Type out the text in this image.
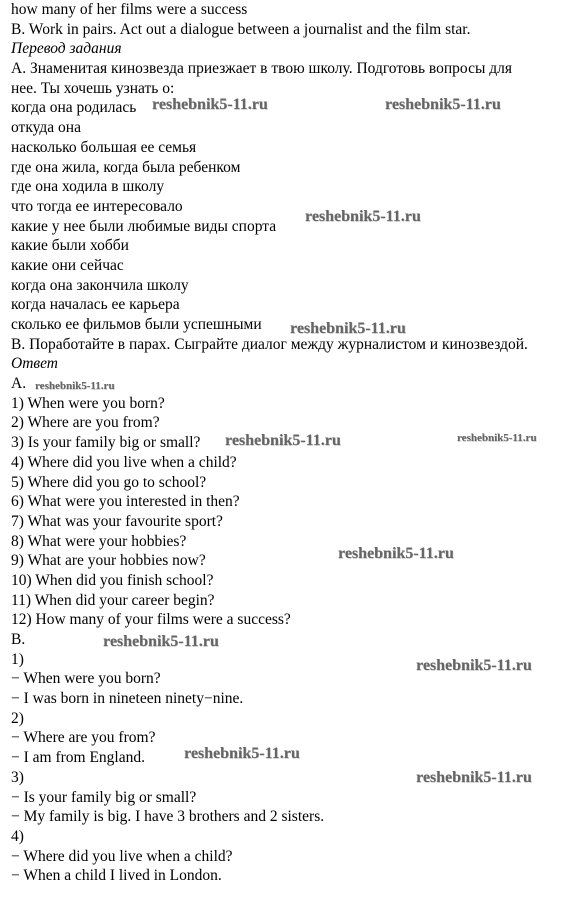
how many of her films were a success
B. Work in pairs. Act out a dialogue between a journalist and the film star.
Перевод задания
А. Знаменитая кинозвезда приезжает в твою школу. Подготовь вопросы для
нее. Ты хочешь узнать о:
когда она родилась
откуда она
насколько большая ее семья
где она жила, когда была ребенком
где она ходила в школу
что тогда ее интересовало
какие у нее были любимые виды спорта
какие были хобби
какие они сейчас
когда она закончила школу
когда началась ее карьера
сколько ее фильмов были успешными
В. Поработайте в парах. Сыграйте диалог между журналистом и кинозвездой.
Ответ
A.
1) When were you born?
2) Where are you from?
3) Is your family big or small?
4) Where did you live when a child?
5) Where did you go to school?
6) What were you interested in then?
7) What was your favourite sport?
8) What were your hobbies?
9) What are your hobbies now?
10) When did you finish school?
11) When did your career begin?
12) How many of your films were a success?
B.
1)
− When were you born?
− I was born in nineteen ninety−nine.
2)
− Where are you from?
− I am from England.
3)
− Is your family big or small?
− My family is big. I have 3 brothers and 2 sisters.
4)
− Where did you live when a child?
− When a child I lived in London.
reshebnik5-11.ru	reshebnik5-11.ru
reshebnik5-11.ru
reshebnik5-11.ru
reshebnik5-11.ru
reshebnik5-11.ru	reshebnik5-11.ru
reshebnik5-11.ru
reshebnik5-11.ru
reshebnik5-11.ru
reshebnik5-11.ru
reshebnik5-11.ru
